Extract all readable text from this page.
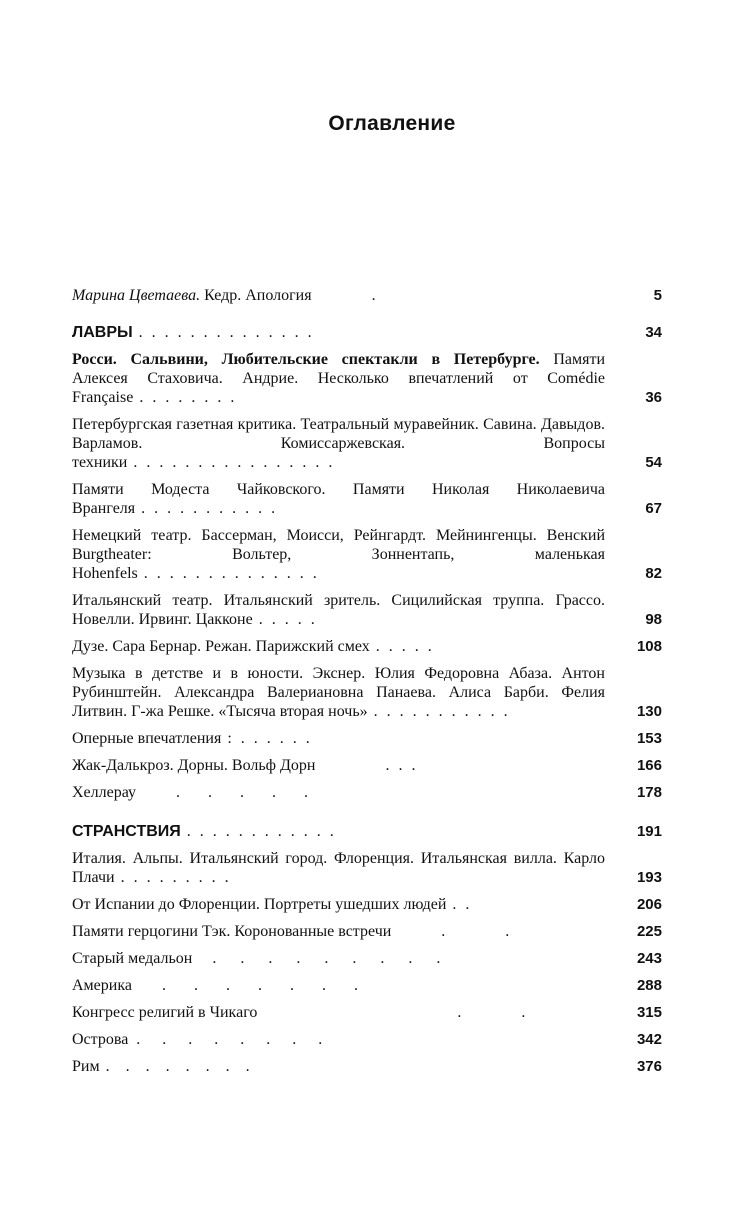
Оглавление
Марина Цветаева. Кедр. Апология	.	5
ЛАВРЫ ..............	34
Росси. Сальвини, Любительские спектакли в Петербурге. Памяти Алексея Стаховича. Андрие. Несколько впечатлений от Comédie Française ........	36
Петербургская газетная критика. Театральный муравейник. Савина. Давыдов. Варламов. Комиссаржевская. Вопросы техники ................	54
Памяти Модеста Чайковского. Памяти Николая Николаевича Врангеля ...........	67
Немецкий театр. Бассерман, Моисси, Рейнгардт. Мейнингенцы. Венский Burgtheater: Вольтер, Зоннентапь, маленькая Hohenfels ..............	82
Итальянский театр. Итальянский зритель. Сицилийская труппа. Грассо. Новелли. Ирвинг. Цакконе .....	98
Дузе. Сара Бернар. Режан. Парижский смех .....	108
Музыка в детстве и в юности. Экснер. Юлия Федоровна Абаза. Антон Рубинштейн. Александра Валериановна Панаева. Алиса Барби. Фелия Литвин. Г-жа Решке. «Тысяча вторая ночь» ...........	130
Оперные впечатления :......	153
Жак-Далькроз. Дорны. Вольф Дорн	...	166
Хеллерау	.....	178
СТРАНСТВИЯ ............	191
Италия. Альпы. Итальянский город. Флоренция. Итальянская вилла. Карло Плачи .........	193
От Испании до Флоренции. Портреты ушедших людей ..	206
Памяти герцогини Тэк. Коронованные встречи	..	225
Старый медальон .........	243
Америка .......	288
Конгресс религий в Чикаго	..	315
Острова ........	342
Рим ........	376
